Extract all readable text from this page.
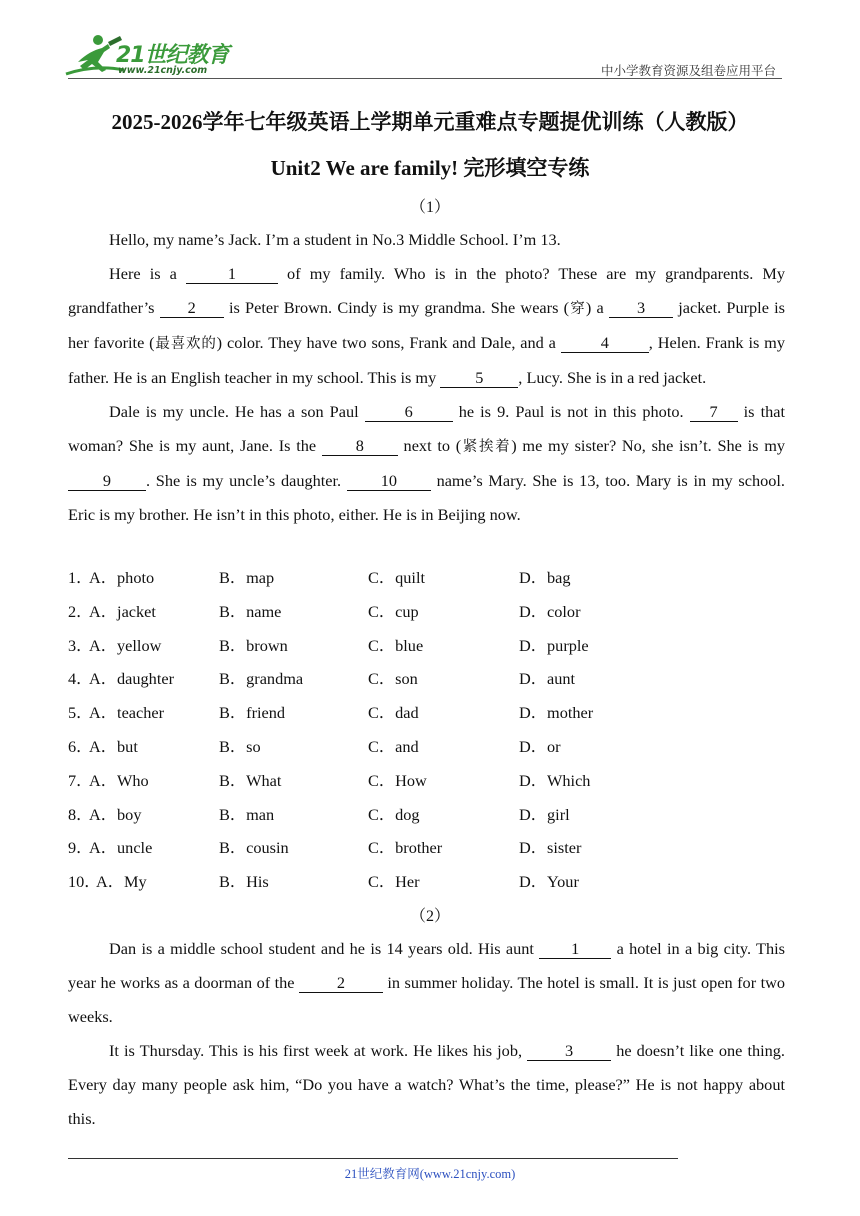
21世纪教育
www.21cnjy.com	中小学教育资源及组卷应用平台
2025-2026学年七年级英语上学期单元重难点专题提优训练（人教版）
Unit2 We are family! 完形填空专练
（1）

Hello, my name’s Jack. I’m a student in No.3 Middle School. I’m 13.

Here is a	1	of my family. Who is in the photo? These are my grandparents. My grandfather’s 2 is Peter Brown. Cindy is my grandma. She wears (穿) a 3 jacket. Purple is her favorite (最喜欢的) color. They have two sons, Frank and Dale, and a 4 , Helen. Frank is my father. He is an English teacher in my school. This is my 5 , Lucy. She is in a red jacket.

Dale is my uncle. He has a son Paul 6 he is 9. Paul is not in this photo. 7 is that woman? She is my aunt, Jane. Is the 8 next to (紧挨着) me my sister? No, she isn’t. She is my 9 . She is my uncle’s daughter. 10 name’s Mary. She is 13, too. Mary is in my school. Eric is my brother. He isn’t in this photo, either. He is in Beijing now.

1．
A．photo	B．map	C．quilt	D．bag
2．
A．jacket	B．name	C．cup	D．color
3．
A．yellow	B．brown	C．blue	D．purple
4．
A．daughter	B．grandma	C．son	D．aunt
5．
A．teacher	B．friend	C．dad	D．mother
6．
A．but	B．so	C．and	D．or
7．
A．Who	B．What	C．How	D．Which
8．
A．boy	B．man	C．dog	D．girl
9．
A．uncle	B．cousin	C．brother	D．sister
10．
A．My	B．His	C．Her	D．Your
（2）

Dan is a middle school student and he is 14 years old. His aunt 1 a hotel in a big city. This year he works as a doorman of the 2 in summer holiday. The hotel is small. It is just open for two weeks.

It is Thursday. This is his first week at work. He likes his job, 3 he doesn’t like one thing. Every day many people ask him, “Do you have a watch? What’s the time, please?” He is not happy about this.

21世纪教育网(www.21cnjy.com)
